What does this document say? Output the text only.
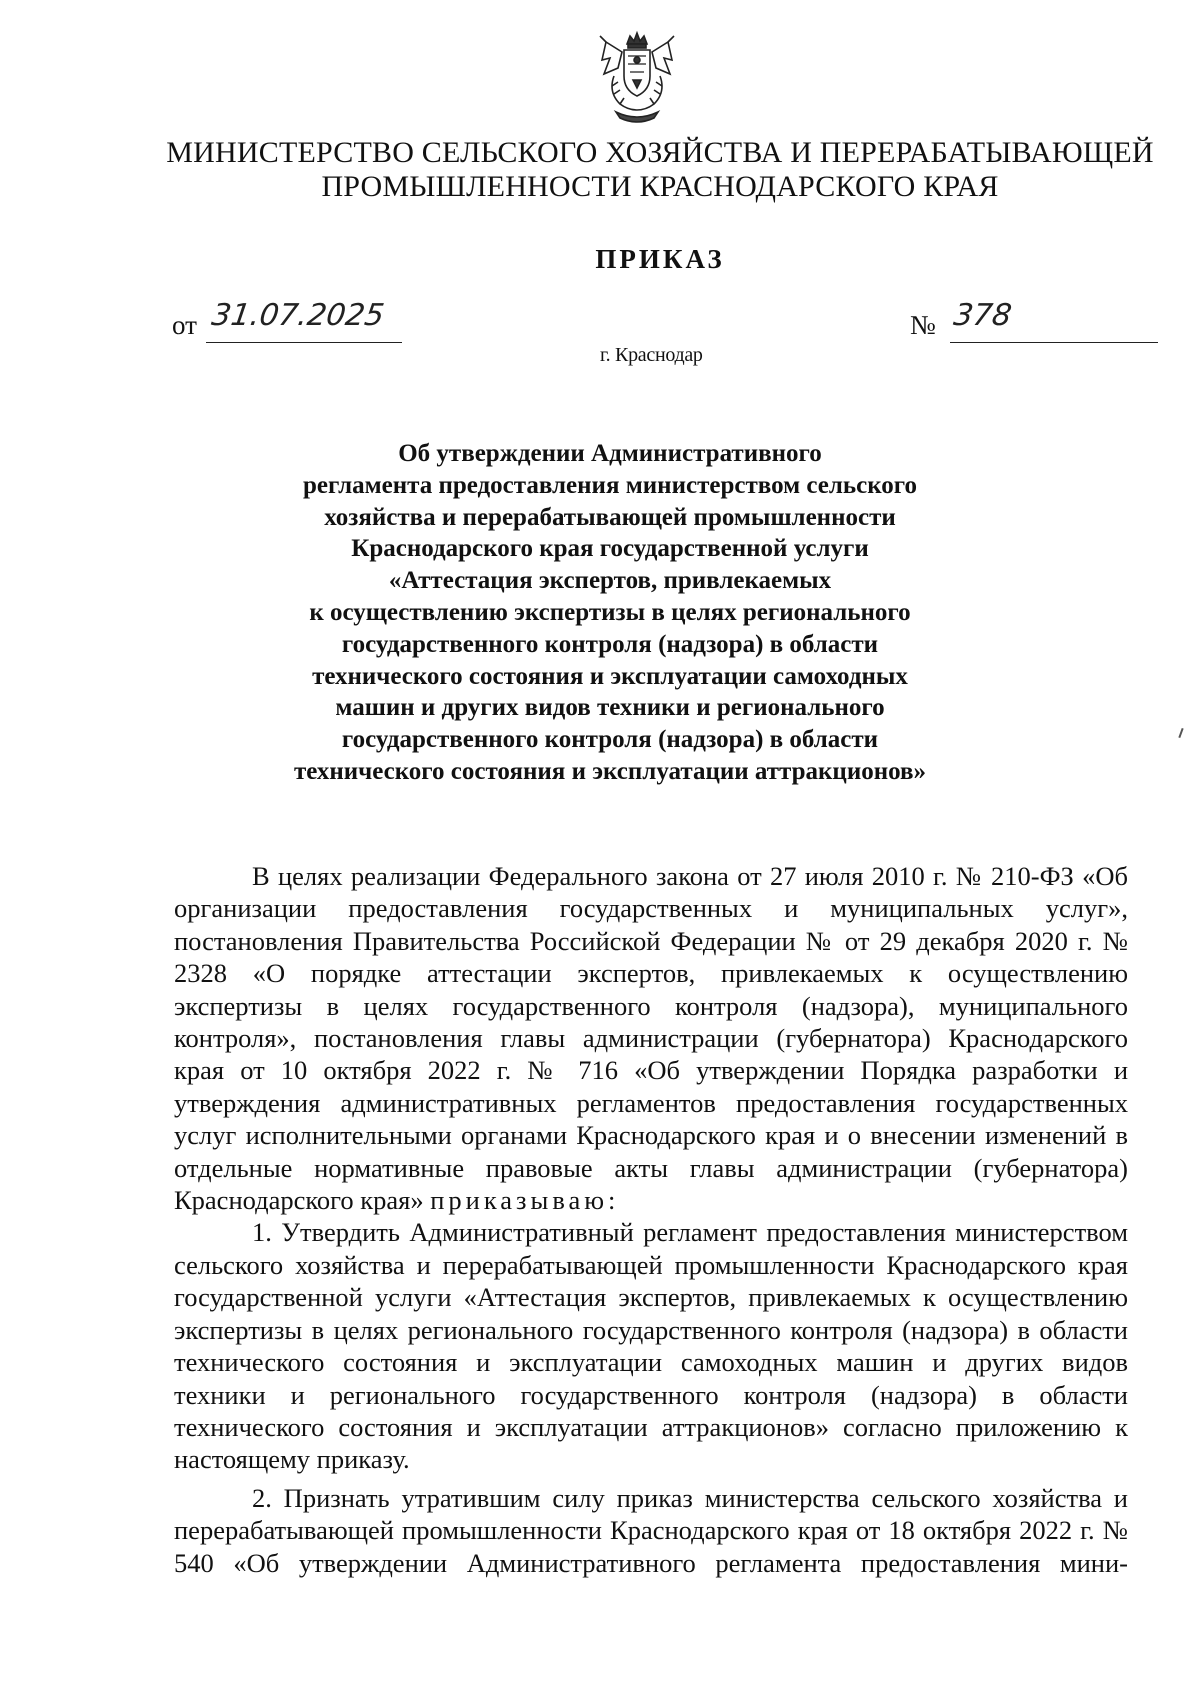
МИНИСТЕРСТВО СЕЛЬСКОГО ХОЗЯЙСТВА И ПЕРЕРАБАТЫВАЮЩЕЙ
ПРОМЫШЛЕННОСТИ КРАСНОДАРСКОГО КРАЯ
ПРИКАЗ
от 31.07.2025	№ 378
г. Краснодар
Об утверждении Административного
регламента предоставления министерством сельского
хозяйства и перерабатывающей промышленности
Краснодарского края государственной услуги
«Аттестация экспертов, привлекаемых
к осуществлению экспертизы в целях регионального
государственного контроля (надзора) в области
технического состояния и эксплуатации самоходных
машин и других видов техники и регионального
государственного контроля (надзора) в области
технического состояния и эксплуатации аттракционов»
В целях реализации Федерального закона от 27 июля 2010 г. № 210-ФЗ «Об организации предоставления государственных и муниципальных услуг», постановления Правительства Российской Федерации № от 29 декабря 2020 г. № 2328 «О порядке аттестации экспертов, привлекаемых к осуществлению экспертизы в целях государственного контроля (надзора), муниципального контроля», постановления главы администрации (губернатора) Краснодарского края от 10 октября 2022 г. № 716 «Об утверждении Порядка разработки и утверждения административных регламентов предоставления государственных услуг исполнительными органами Краснодарского края и о внесении изменений в отдельные нормативные правовые акты главы администрации (губернатора) Краснодарского края» приказываю:
1. Утвердить Административный регламент предоставления министерством сельского хозяйства и перерабатывающей промышленности Краснодарского края государственной услуги «Аттестация экспертов, привлекаемых к осуществлению экспертизы в целях регионального государственного контроля (надзора) в области технического состояния и эксплуатации самоходных машин и других видов техники и регионального государственного контроля (надзора) в области технического состояния и эксплуатации аттракционов» согласно приложению к настоящему приказу.
2. Признать утратившим силу приказ министерства сельского хозяйства и перерабатывающей промышленности Краснодарского края от 18 октября 2022 г. № 540 «Об утверждении Административного регламента предоставления мини-
